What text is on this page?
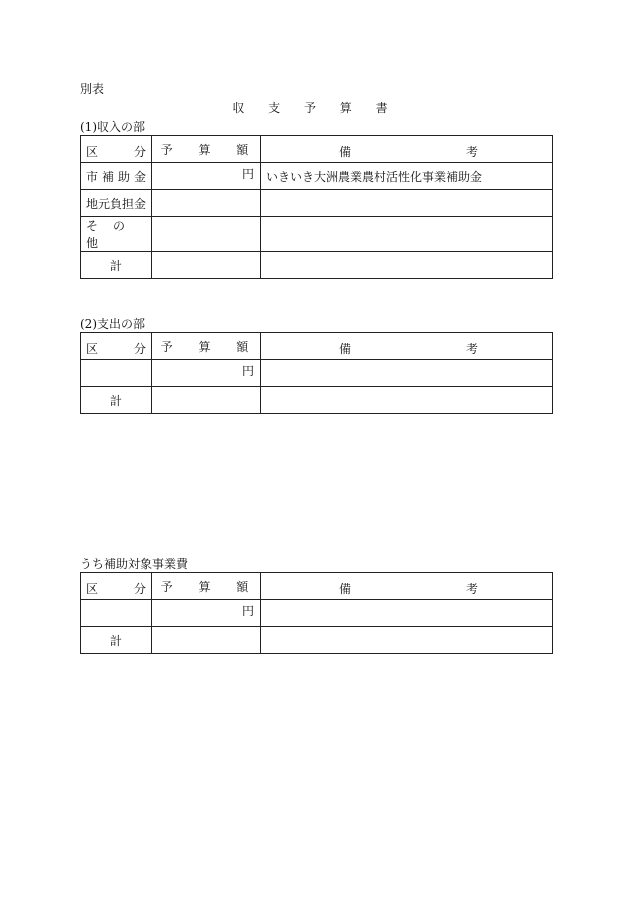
別表
収 支 予 算 書
(1)収入の部
区 分	予 算 額	備 考

市補助金	円	いきいき大洲農業農村活性化事業補助金

地元負担金		
その他		
計		
(2)支出の部
区 分	予 算 額	備 考

	円	

計		
うち補助対象事業費
区 分	予 算 額	備 考

	円	

計		
